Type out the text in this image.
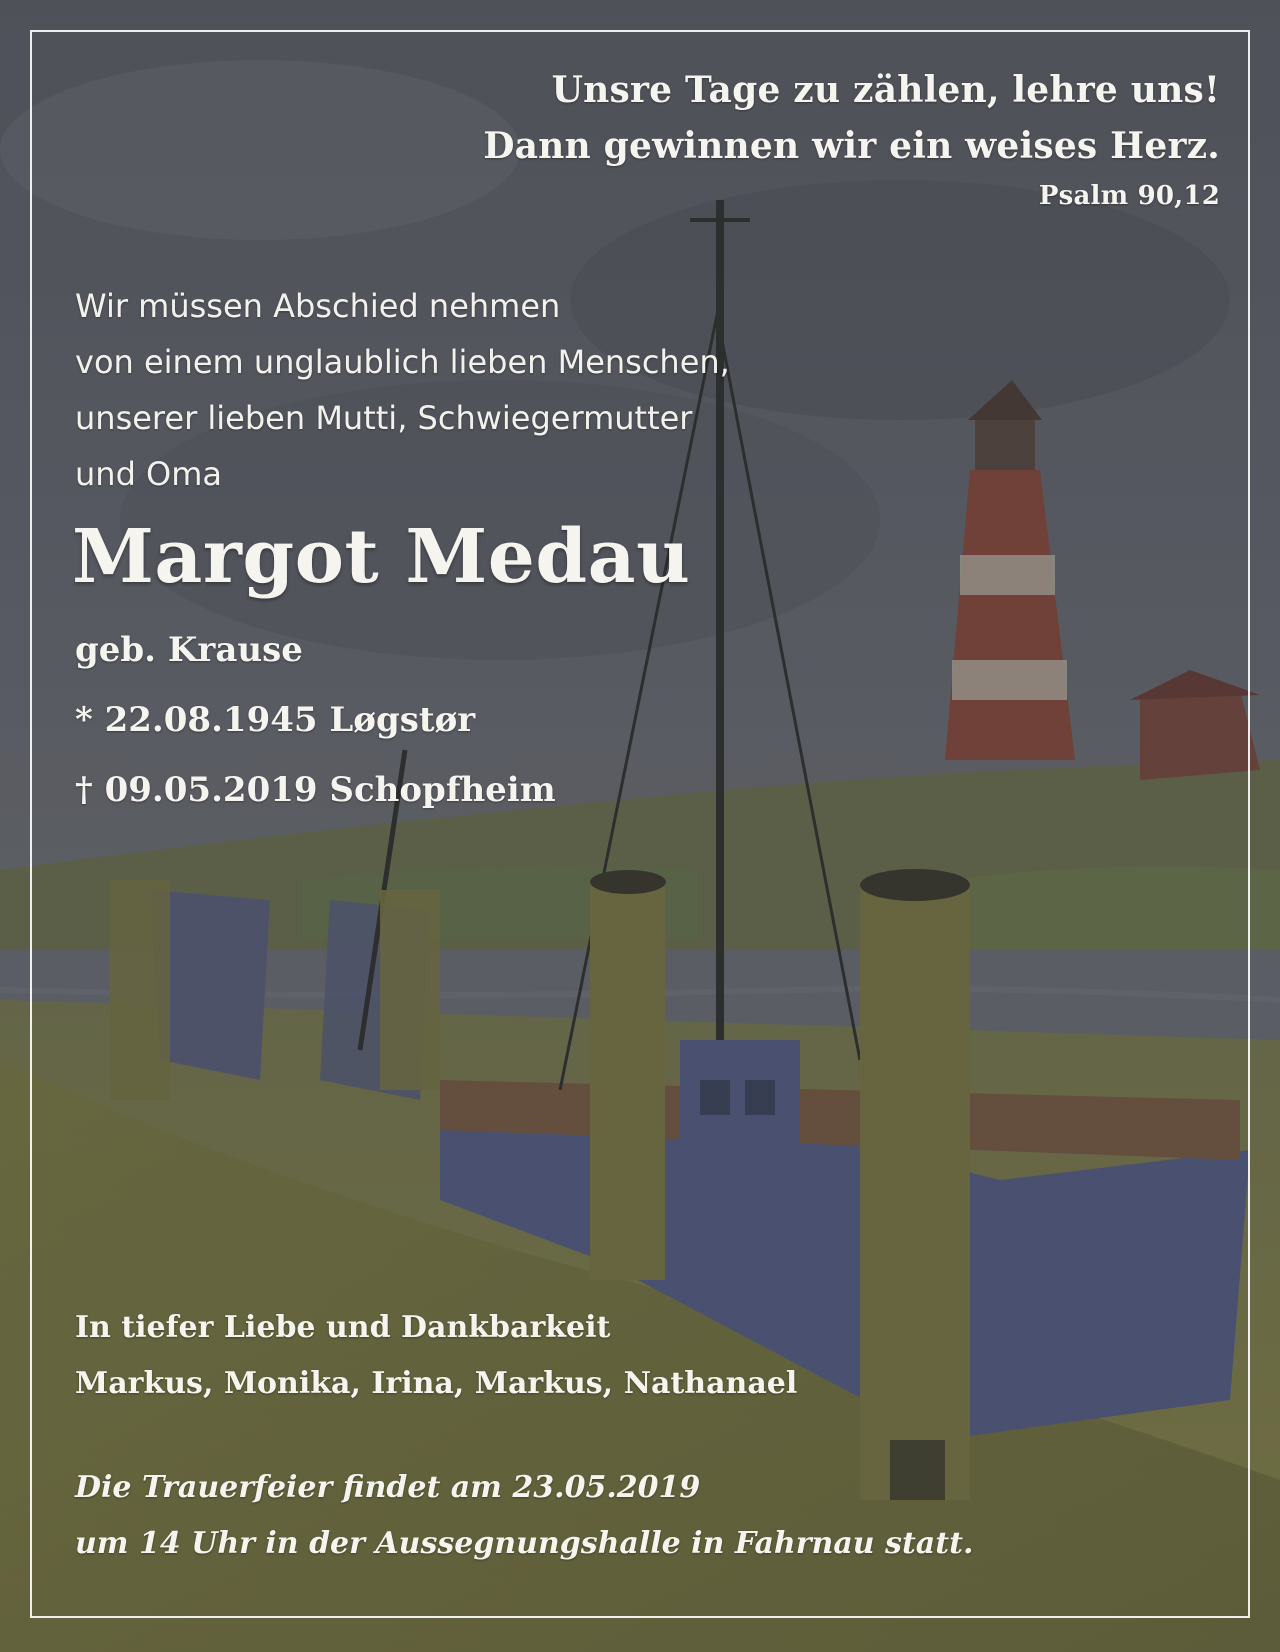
Unsre Tage zu zählen, lehre uns!
Dann gewinnen wir ein weises Herz.
Psalm 90,12
Wir müssen Abschied nehmen
von einem unglaublich lieben Menschen,
unserer lieben Mutti, Schwiegermutter
und Oma
Margot Medau
geb. Krause
* 22.08.1945 Løgstør
† 09.05.2019 Schopfheim
In tiefer Liebe und Dankbarkeit
Markus, Monika, Irina, Markus, Nathanael
Die Trauerfeier findet am 23.05.2019
um 14 Uhr in der Aussegnungshalle in Fahrnau statt.
